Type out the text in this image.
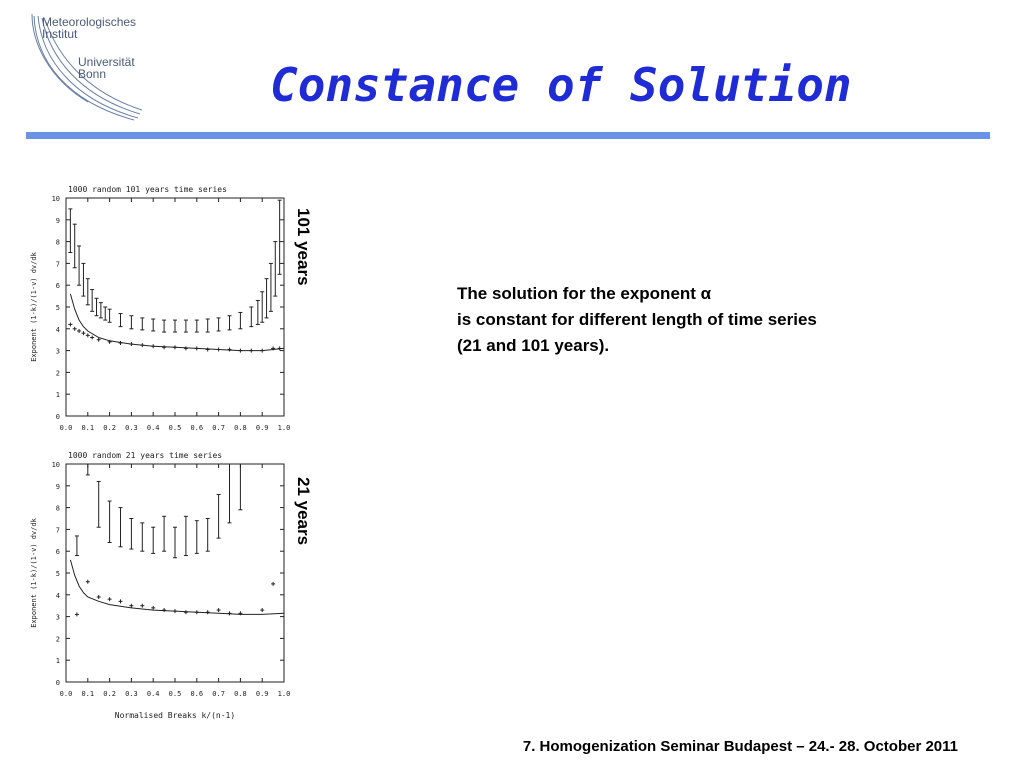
Meteorologisches
Institut
Universität
Bonn	Constance of Solution
1000 random 101 years time series
0
1
2
3
4
5
6
7
8
9
10
0.0 0.1 0.2 0.3 0.4 0.5 0.6 0.7 0.8 0.9 1.0
Exponent (1-k)/(1-v) dv/dk
101 years
1000 random 21 years time series
0
1
2
3
4
5
6
7
8
9
10
0.0 0.1 0.2 0.3 0.4 0.5 0.6 0.7 0.8 0.9 1.0
Exponent (1-k)/(1-v) dv/dk
Normalised Breaks k/(n-1)
21 years

The solution for the exponent α
is constant for different length of time series (21 and 101 years).

7. Homogenization Seminar Budapest – 24.- 28. October 2011
